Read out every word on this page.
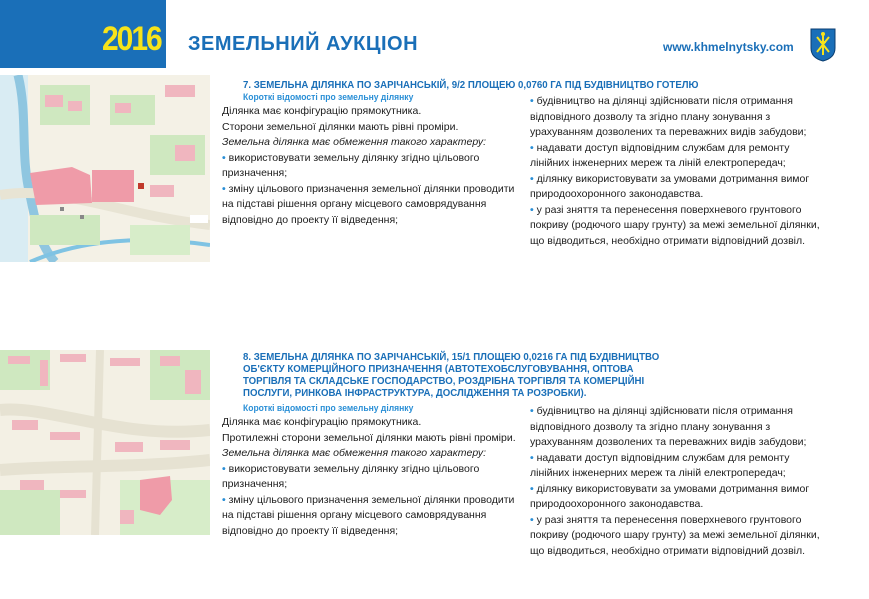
2016 ЗЕМЕЛЬНИЙ АУКЦІОН	www.khmelnytsky.com
7. ЗЕМЕЛЬНА ДІЛЯНКА ПО ЗАРІЧАНСЬКІЙ, 9/2 ПЛОЩЕЮ 0,0760 ГА ПІД БУДІВНИЦТВО ГОТЕЛЮ
Короткі відомості про земельну ділянку

Ділянка має конфігурацію прямокутника.

Сторони земельної ділянки мають рівні проміри.

Земельна ділянка має обмеження такого характеру:

• використовувати земельну ділянку згідно цільового призначення;

• зміну цільового призначення земельної ділянки проводити на підставі рішення органу місцевого самоврядування відповідно до проекту її відведення;

• будівництво на ділянці здійснювати після отримання відповідного дозволу та згідно плану зонування з урахуванням дозволених та переважних видів забудови;

• надавати доступ відповідним службам для ремонту лінійних інженерних мереж та ліній електропередач;

• ділянку використовувати за умовами дотримання вимог природоохоронного законодавства.

• у разі зняття та перенесення поверхневого грунтового покриву (родючого шару грунту) за межі земельної ділянки, що відводиться, необхідно отримати відповідний дозвіл.

8. ЗЕМЕЛЬНА ДІЛЯНКА ПО ЗАРІЧАНСЬКІЙ, 15/1 ПЛОЩЕЮ 0,0216 ГА ПІД БУДІВНИЦТВО
ОБ'ЄКТУ КОМЕРЦІЙНОГО ПРИЗНАЧЕННЯ (АВТОТЕХОБСЛУГОВУВАННЯ, ОПТОВА
ТОРГІВЛЯ ТА СКЛАДСЬКЕ ГОСПОДАРСТВО, РОЗДРІБНА ТОРГІВЛЯ ТА КОМЕРЦІЙНІ
ПОСЛУГИ, РИНКОВА ІНФРАСТРУКТУРА, ДОСЛІДЖЕННЯ ТА РОЗРОБКИ).
Короткі відомості про земельну ділянку

Ділянка має конфігурацію прямокутника.

Протилежні сторони земельної ділянки мають рівні проміри.

Земельна ділянка має обмеження такого характеру:

• використовувати земельну ділянку згідно цільового призначення;

• зміну цільового призначення земельної ділянки проводити на підставі рішення органу місцевого самоврядування відповідно до проекту її відведення;

• будівництво на ділянці здійснювати після отримання відповідного дозволу та згідно плану зонування з урахуванням дозволених та переважних видів забудови;

• надавати доступ відповідним службам для ремонту лінійних інженерних мереж та ліній електропередач;

• ділянку використовувати за умовами дотримання вимог природоохоронного законодавства.

• у разі зняття та перенесення поверхневого грунтового покриву (родючого шару грунту) за межі земельної ділянки, що відводиться, необхідно отримати відповідний дозвіл.
